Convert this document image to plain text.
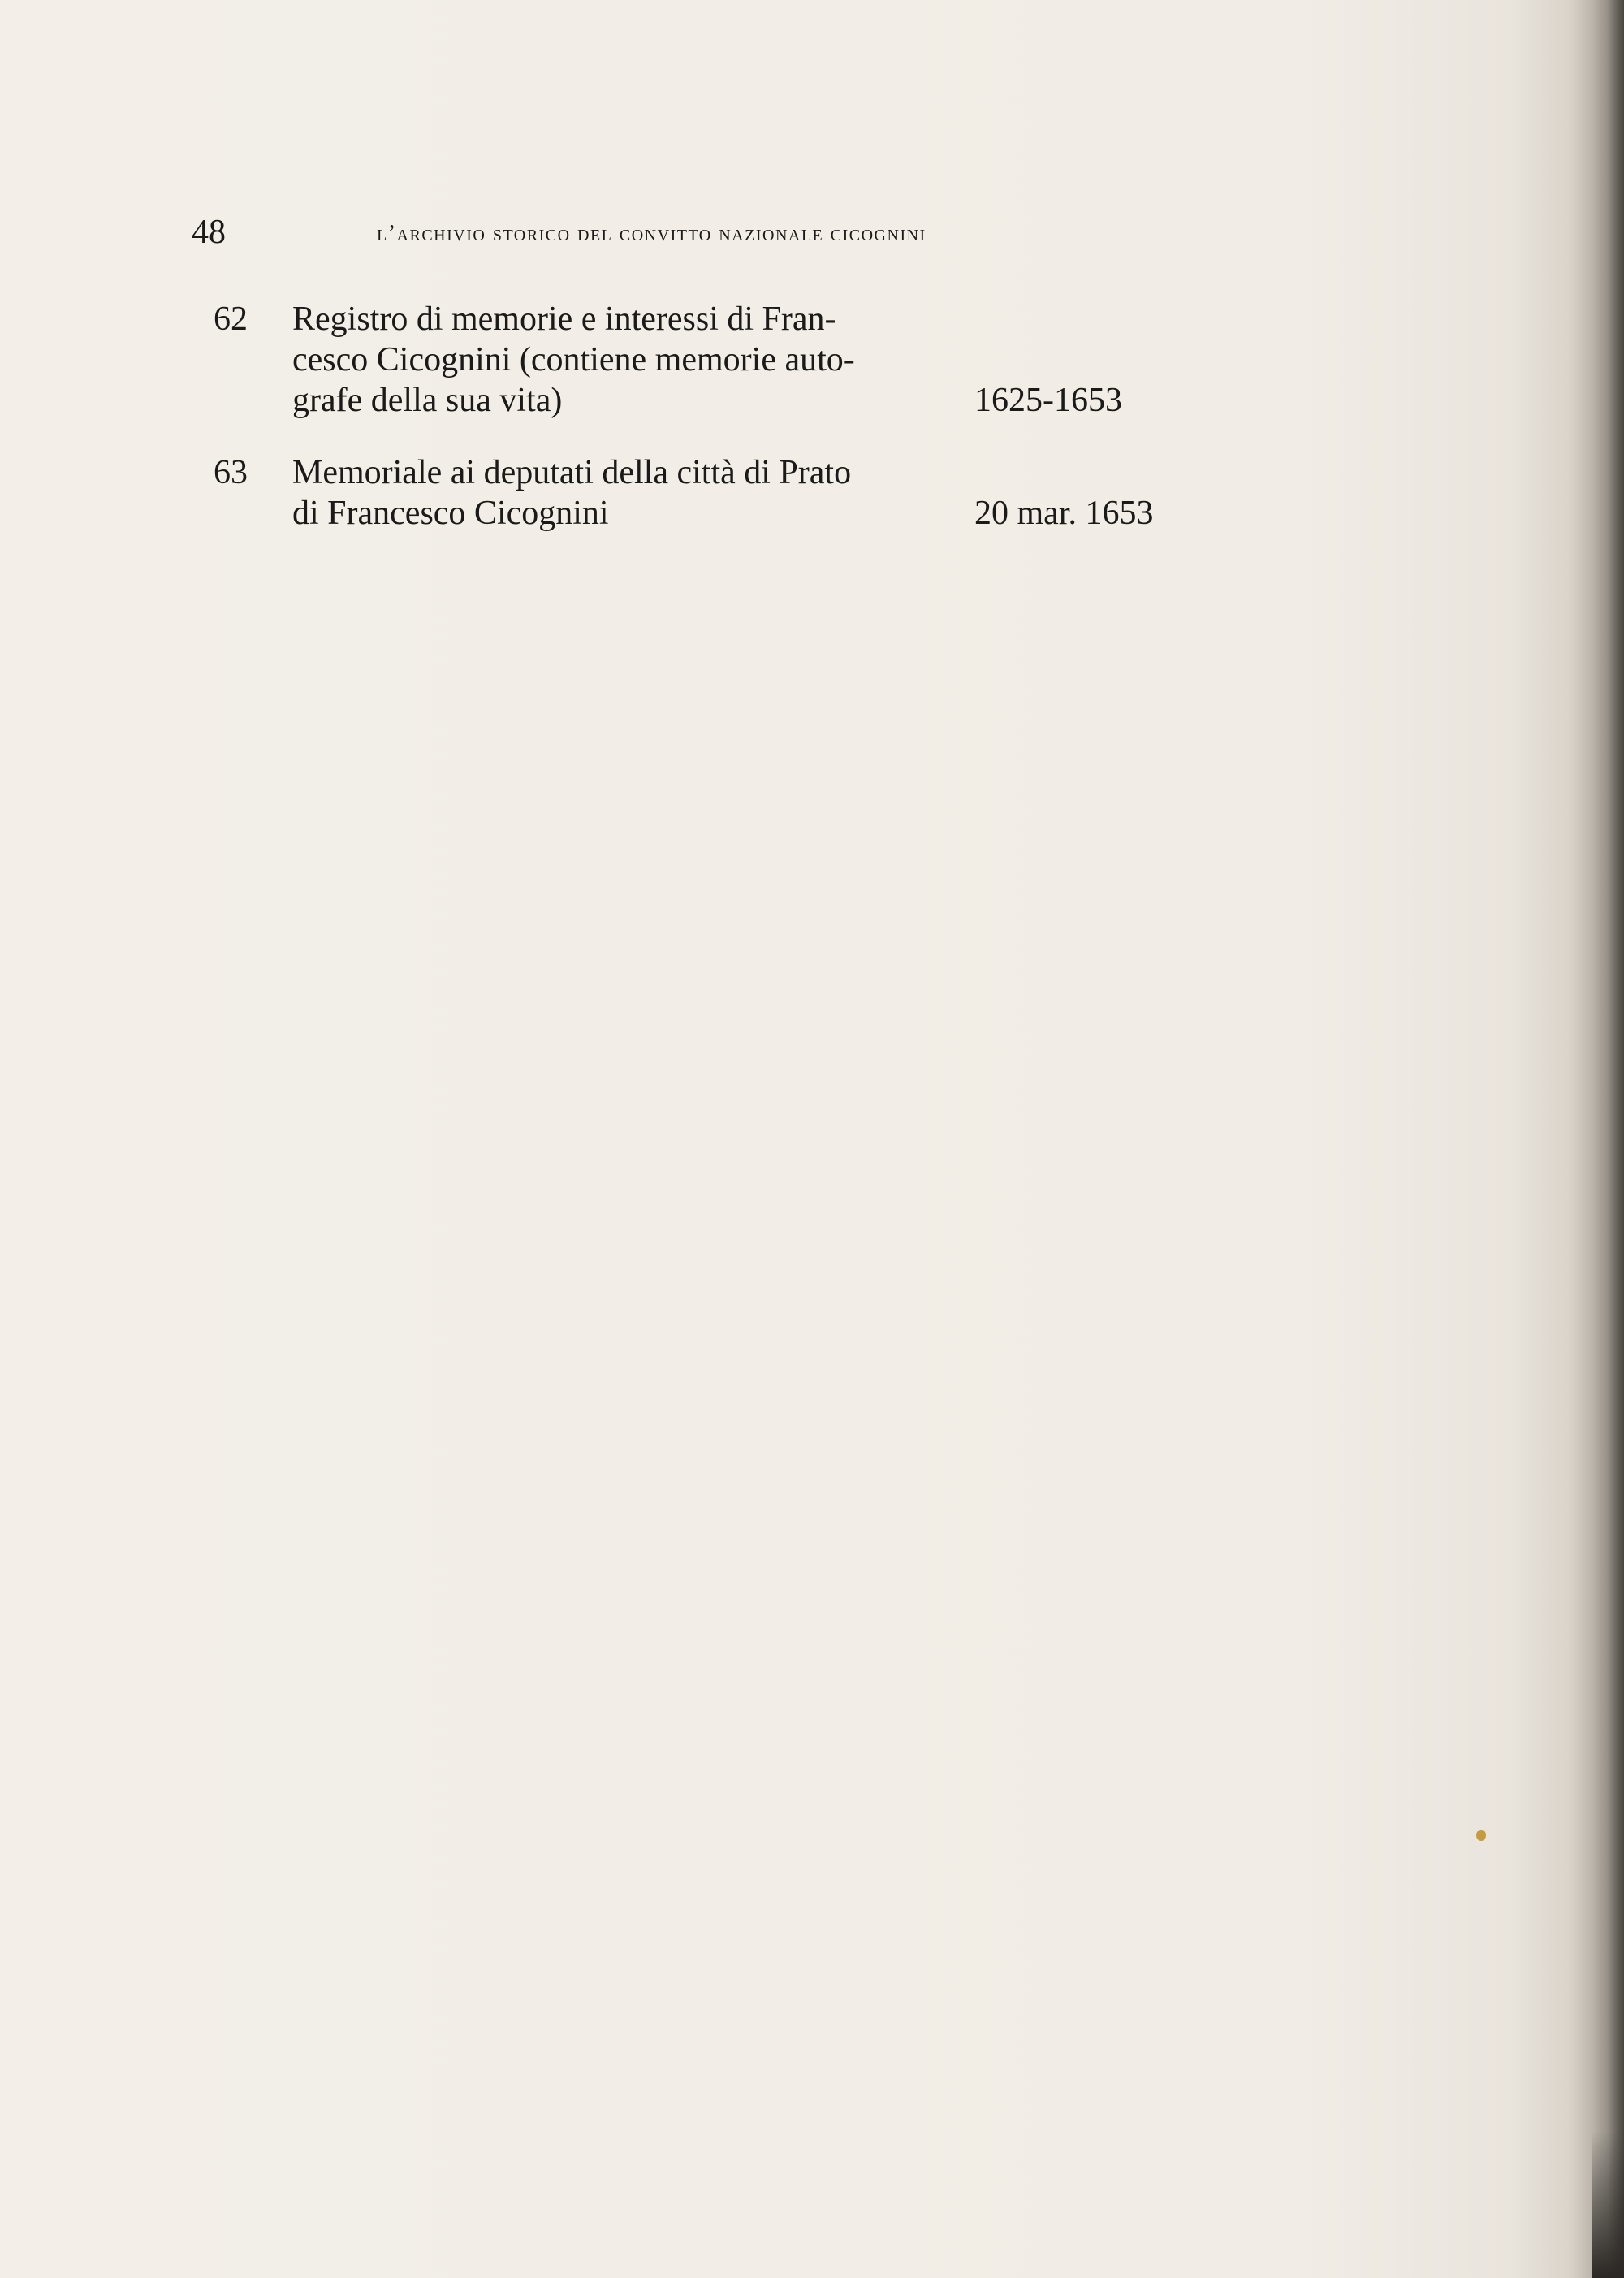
48	l’archivio storico del convitto nazionale cicognini
62 Registro di memorie e interessi di Fran-
cesco Cicognini (contiene memorie auto-
grafe della sua vita)	1625-1653
63 Memoriale ai deputati della città di Prato
di Francesco Cicognini	20 mar. 1653
